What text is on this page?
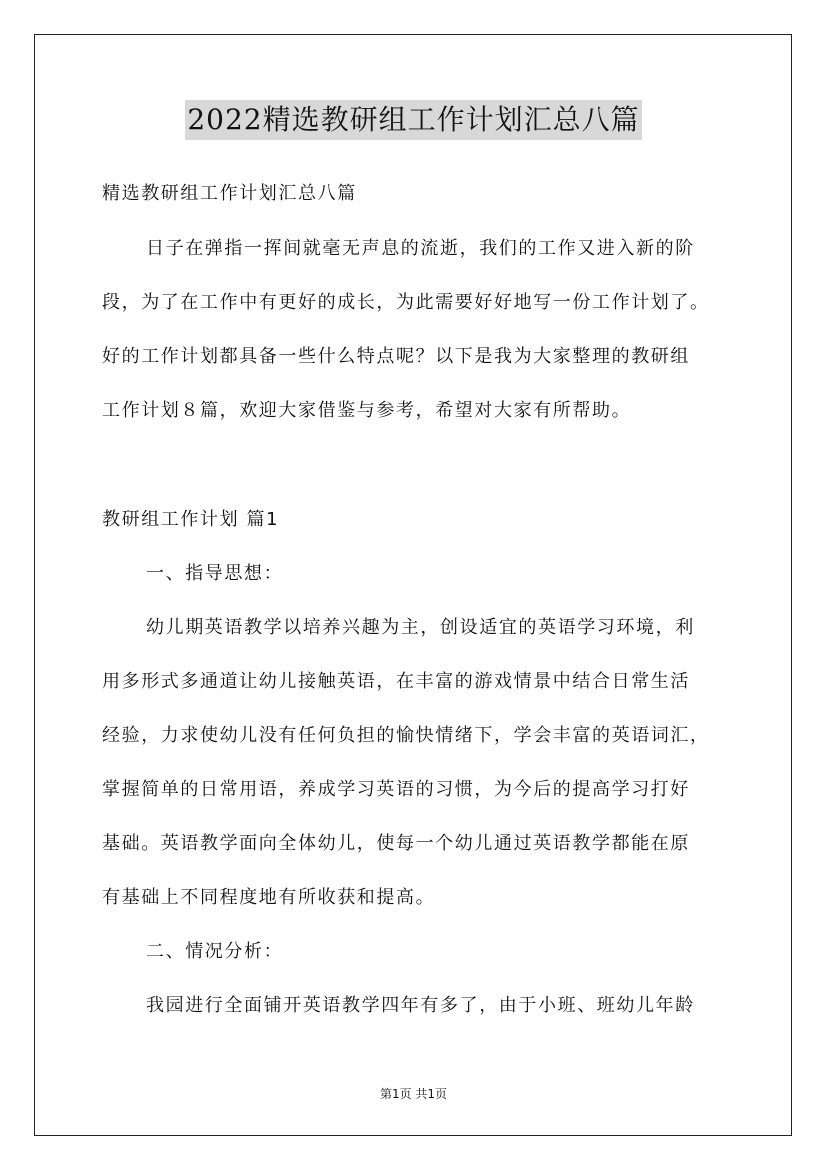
2022精选教研组工作计划汇总八篇
精选教研组工作计划汇总八篇
日子在弹指一挥间就毫无声息的流逝，我们的工作又进入新的阶
段，为了在工作中有更好的成长，为此需要好好地写一份工作计划了。
好的工作计划都具备一些什么特点呢？以下是我为大家整理的教研组
工作计划８篇，欢迎大家借鉴与参考，希望对大家有所帮助。
教研组工作计划 篇1
一、指导思想：
幼儿期英语教学以培养兴趣为主，创设适宜的英语学习环境，利
用多形式多通道让幼儿接触英语，在丰富的游戏情景中结合日常生活
经验，力求使幼儿没有任何负担的愉快情绪下，学会丰富的英语词汇，
掌握简单的日常用语，养成学习英语的习惯，为今后的提高学习打好
基础。英语教学面向全体幼儿，使每一个幼儿通过英语教学都能在原
有基础上不同程度地有所收获和提高。
二、情况分析：
我园进行全面铺开英语教学四年有多了，由于小班、班幼儿年龄
第1页 共1页
